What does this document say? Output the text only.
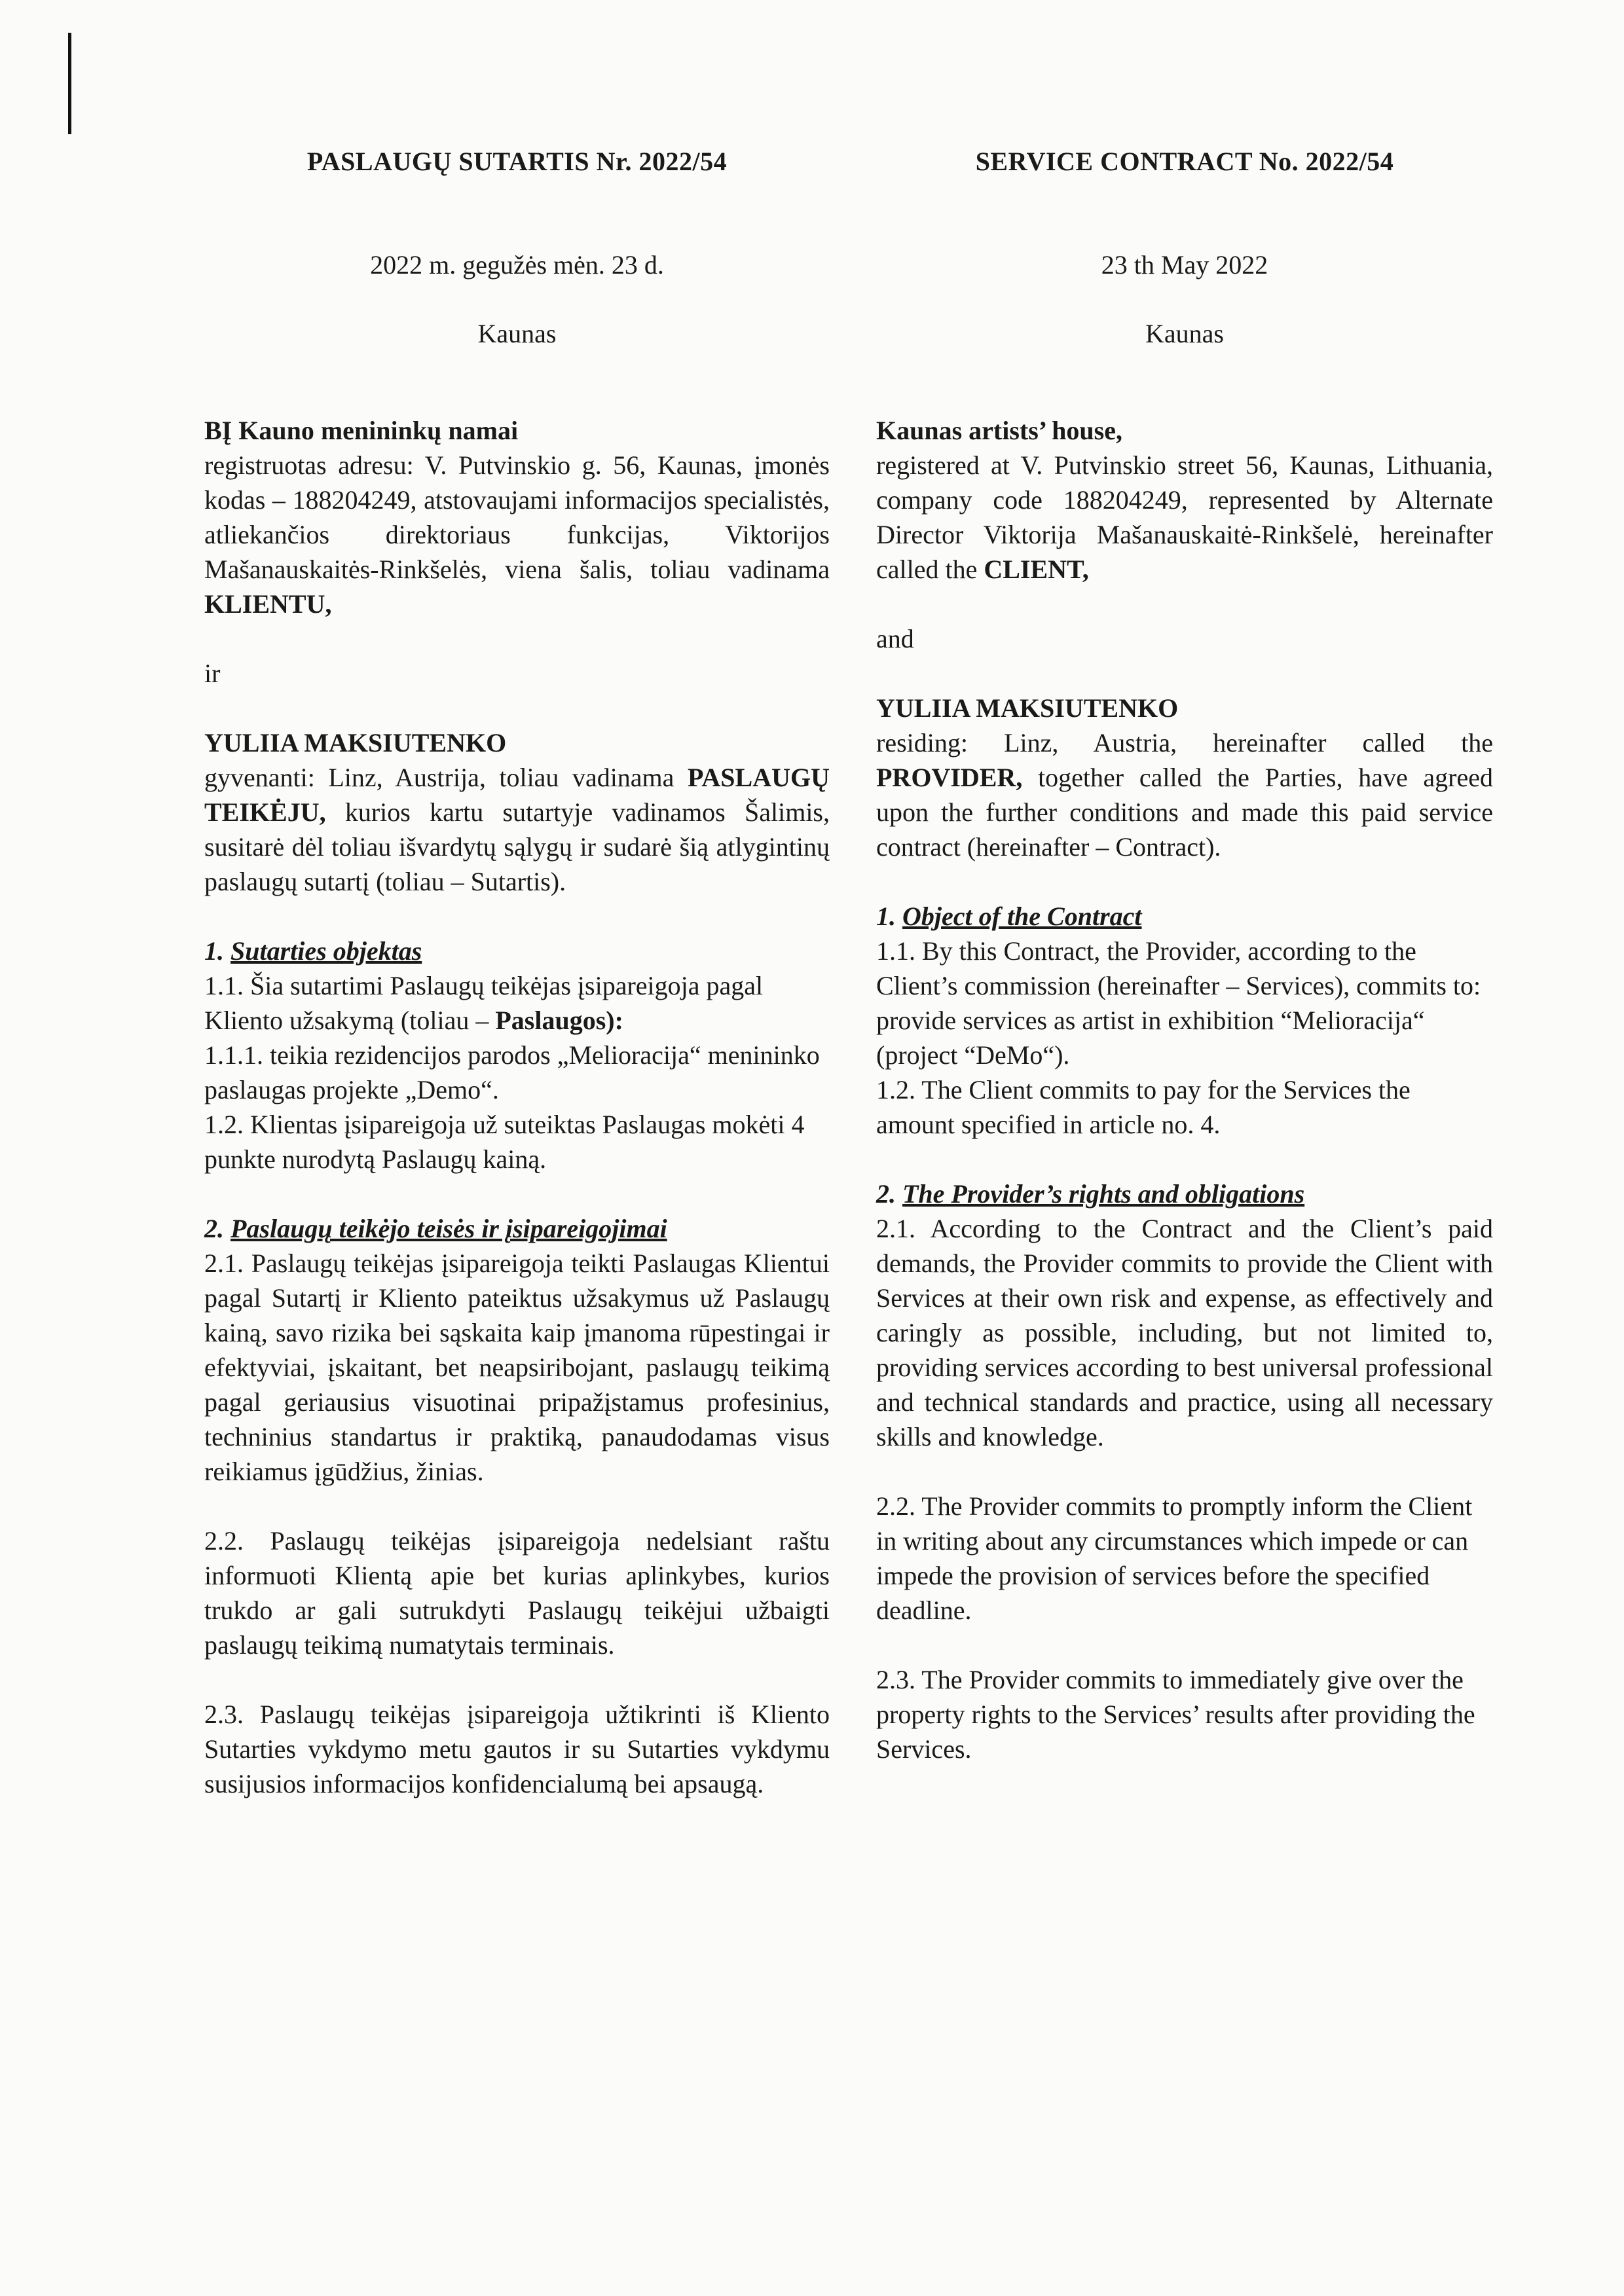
PASLAUGŲ SUTARTIS Nr. 2022/54

2022 m. gegužės mėn. 23 d.

Kaunas

BĮ Kauno menininkų namai

registruotas adresu: V. Putvinskio g. 56, Kaunas, įmonės kodas – 188204249, atstovaujami informacijos specialistės, atliekančios direktoriaus funkcijas, Viktorijos Mašanauskaitės-Rinkšelės, viena šalis, toliau vadinama KLIENTU,

ir

YULIIA MAKSIUTENKO

gyvenanti: Linz, Austrija, toliau vadinama PASLAUGŲ TEIKĖJU, kurios kartu sutartyje vadinamos Šalimis, susitarė dėl toliau išvardytų sąlygų ir sudarė šią atlygintinų paslaugų sutartį (toliau – Sutartis).

1. Sutarties objektas

1.1. Šia sutartimi Paslaugų teikėjas įsipareigoja pagal Kliento užsakymą (toliau – Paslaugos):

1.1.1. teikia rezidencijos parodos „Melioracija“ menininko paslaugas projekte „Demo“.

1.2. Klientas įsipareigoja už suteiktas Paslaugas mokėti 4 punkte nurodytą Paslaugų kainą.

2. Paslaugų teikėjo teisės ir įsipareigojimai

2.1. Paslaugų teikėjas įsipareigoja teikti Paslaugas Klientui pagal Sutartį ir Kliento pateiktus užsakymus už Paslaugų kainą, savo rizika bei sąskaita kaip įmanoma rūpestingai ir efektyviai, įskaitant, bet neapsiribojant, paslaugų teikimą pagal geriausius visuotinai pripažįstamus profesinius, techninius standartus ir praktiką, panaudodamas visus reikiamus įgūdžius, žinias.

2.2. Paslaugų teikėjas įsipareigoja nedelsiant raštu informuoti Klientą apie bet kurias aplinkybes, kurios trukdo ar gali sutrukdyti Paslaugų teikėjui užbaigti paslaugų teikimą numatytais terminais.

2.3. Paslaugų teikėjas įsipareigoja užtikrinti iš Kliento Sutarties vykdymo metu gautos ir su Sutarties vykdymu susijusios informacijos konfidencialumą bei apsaugą.

SERVICE CONTRACT No. 2022/54

23 th May 2022

Kaunas

Kaunas artists’ house,

registered at V. Putvinskio street 56, Kaunas, Lithuania, company code 188204249, represented by Alternate Director Viktorija Mašanauskaitė-Rinkšelė, hereinafter called the CLIENT,

and

YULIIA MAKSIUTENKO

residing: Linz, Austria, hereinafter called the PROVIDER, together called the Parties, have agreed upon the further conditions and made this paid service contract (hereinafter – Contract).

1. Object of the Contract

1.1. By this Contract, the Provider, according to the Client’s commission (hereinafter – Services), commits to: provide services as artist in exhibition “Melioracija“ (project “DeMo“).

1.2. The Client commits to pay for the Services the amount specified in article no. 4.

2. The Provider’s rights and obligations

2.1. According to the Contract and the Client’s paid demands, the Provider commits to provide the Client with Services at their own risk and expense, as effectively and caringly as possible, including, but not limited to, providing services according to best universal professional and technical standards and practice, using all necessary skills and knowledge.

2.2. The Provider commits to promptly inform the Client in writing about any circumstances which impede or can impede the provision of services before the specified deadline.

2.3. The Provider commits to immediately give over the property rights to the Services’ results after providing the Services.
